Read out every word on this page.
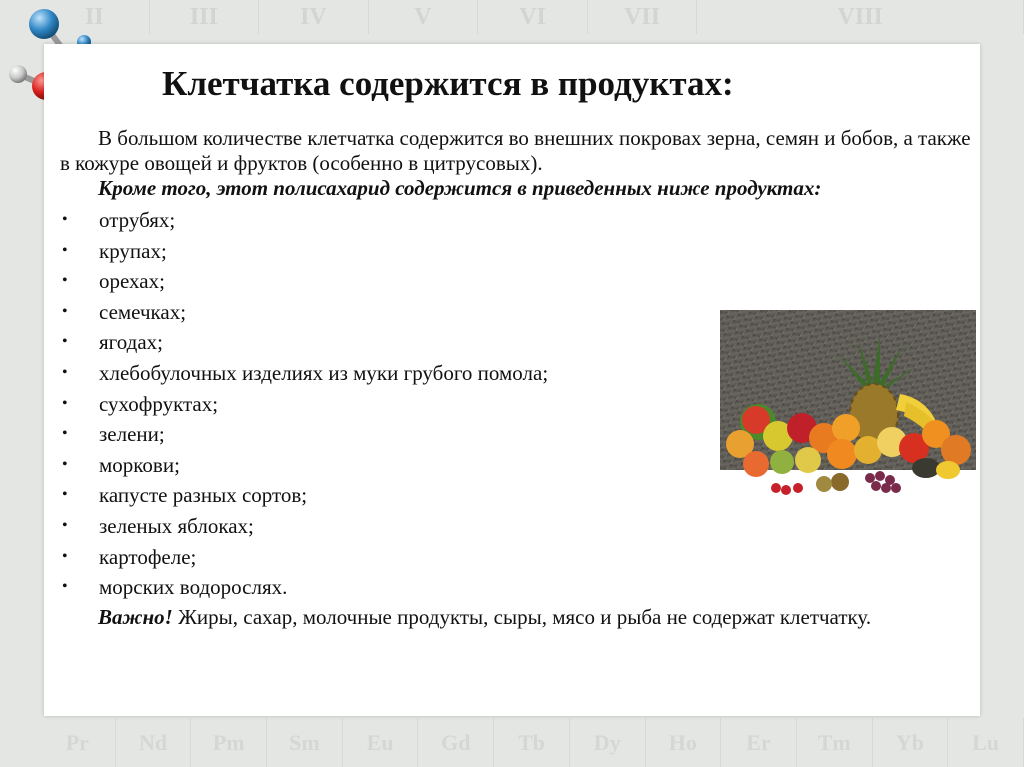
II	III	IV	V	VI	VII	VIII
Pr	Nd	Pm	Sm	Eu	Gd	Tb	Dy	Ho	Er	Tm	Yb	Lu
Клетчатка содержится в продуктах:

В большом количестве клетчатка содержится во внешних покровах зерна, семян и бобов, а также в кожуре овощей и фруктов (особенно в цитрусовых).

Кроме того, этот полисахарид содержится в приведенных ниже продуктах:

• отрубях;
• крупах;
• орехах;
• семечках;
• ягодах;
• хлебобулочных изделиях из муки грубого помола;
• сухофруктах;
• зелени;
• моркови;
• капусте разных сортов;
• зеленых яблоках;
• картофеле;
• морских водорослях.

Важно! Жиры, сахар, молочные продукты, сыры, мясо и рыба не содержат клетчатку.
